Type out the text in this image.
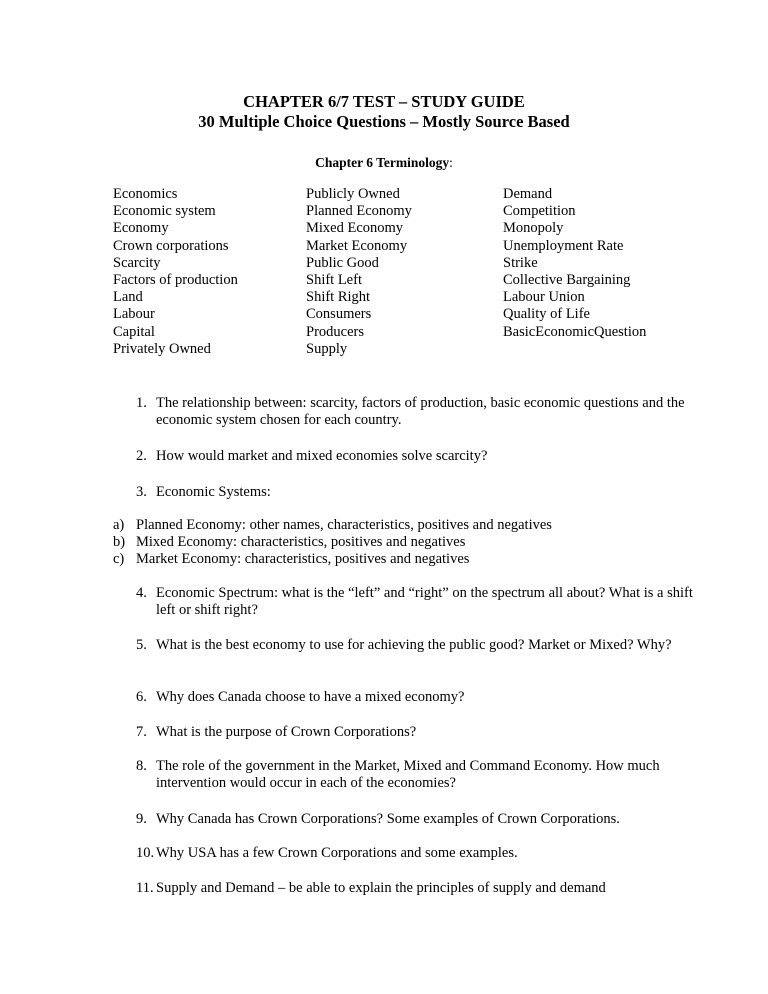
CHAPTER 6/7 TEST – STUDY GUIDE
30 Multiple Choice Questions – Mostly Source Based
Chapter 6 Terminology:
Economics
Economic system
Economy
Crown corporations
Scarcity
Factors of production
Land
Labour
Capital
Privately Owned
Publicly Owned
Planned Economy
Mixed Economy
Market Economy
Public Good
Shift Left
Shift Right
Consumers
Producers
Supply
Demand
Competition
Monopoly
Unemployment Rate
Strike
Collective Bargaining
Labour Union
Quality of Life
BasicEconomicQuestion
1. The relationship between: scarcity, factors of production, basic economic questions and the economic system chosen for each country.
2. How would market and mixed economies solve scarcity?
3. Economic Systems:
a) Planned Economy: other names, characteristics, positives and negatives
b) Mixed Economy: characteristics, positives and negatives
c) Market Economy: characteristics, positives and negatives
4. Economic Spectrum: what is the “left” and “right” on the spectrum all about? What is a shift left or shift right?
5. What is the best economy to use for achieving the public good? Market or Mixed? Why?
6. Why does Canada choose to have a mixed economy?
7. What is the purpose of Crown Corporations?
8. The role of the government in the Market, Mixed and Command Economy. How much intervention would occur in each of the economies?
9. Why Canada has Crown Corporations? Some examples of Crown Corporations.
10. Why USA has a few Crown Corporations and some examples.
11. Supply and Demand – be able to explain the principles of supply and demand
